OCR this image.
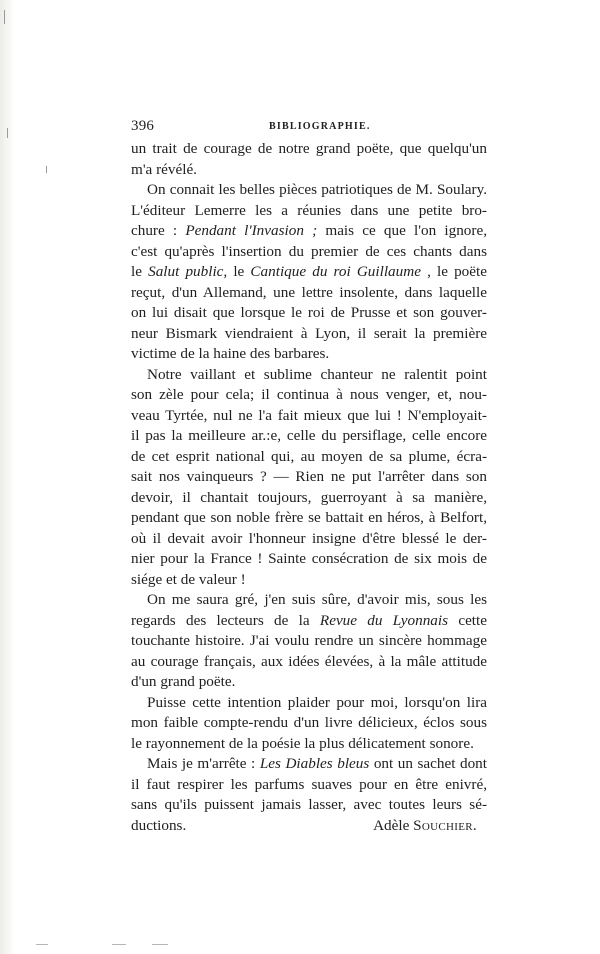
396	BIBLIOGRAPHIE.
un trait de courage de notre grand poëte, que quelqu'un
m'a révélé.
On connait les belles pièces patriotiques de M. Soulary.
L'éditeur Lemerre les a réunies dans une petite bro-
chure : Pendant l'Invasion ; mais ce que l'on ignore,
c'est qu'après l'insertion du premier de ces chants dans
le Salut public, le Cantique du roi Guillaume , le poëte
reçut, d'un Allemand, une lettre insolente, dans laquelle
on lui disait que lorsque le roi de Prusse et son gouver-
neur Bismark viendraient à Lyon, il serait la première
victime de la haine des barbares.
Notre vaillant et sublime chanteur ne ralentit point
son zèle pour cela; il continua à nous venger, et, nou-
veau Tyrtée, nul ne l'a fait mieux que lui ! N'employait-
il pas la meilleure ar.:e, celle du persiflage, celle encore
de cet esprit national qui, au moyen de sa plume, écra-
sait nos vainqueurs ? — Rien ne put l'arrêter dans son
devoir, il chantait toujours, guerroyant à sa manière,
pendant que son noble frère se battait en héros, à Belfort,
où il devait avoir l'honneur insigne d'être blessé le der-
nier pour la France ! Sainte consécration de six mois de
siége et de valeur !
On me saura gré, j'en suis sûre, d'avoir mis, sous les
regards des lecteurs de la Revue du Lyonnais cette
touchante histoire. J'ai voulu rendre un sincère hommage
au courage français, aux idées élevées, à la mâle attitude
d'un grand poëte.
Puisse cette intention plaider pour moi, lorsqu'on lira
mon faible compte-rendu d'un livre délicieux, éclos sous
le rayonnement de la poésie la plus délicatement sonore.
Mais je m'arrête : Les Diables bleus ont un sachet dont
il faut respirer les parfums suaves pour en être enivré,
sans qu'ils puissent jamais lasser, avec toutes leurs sé-
ductions.	Adèle Souchier.
